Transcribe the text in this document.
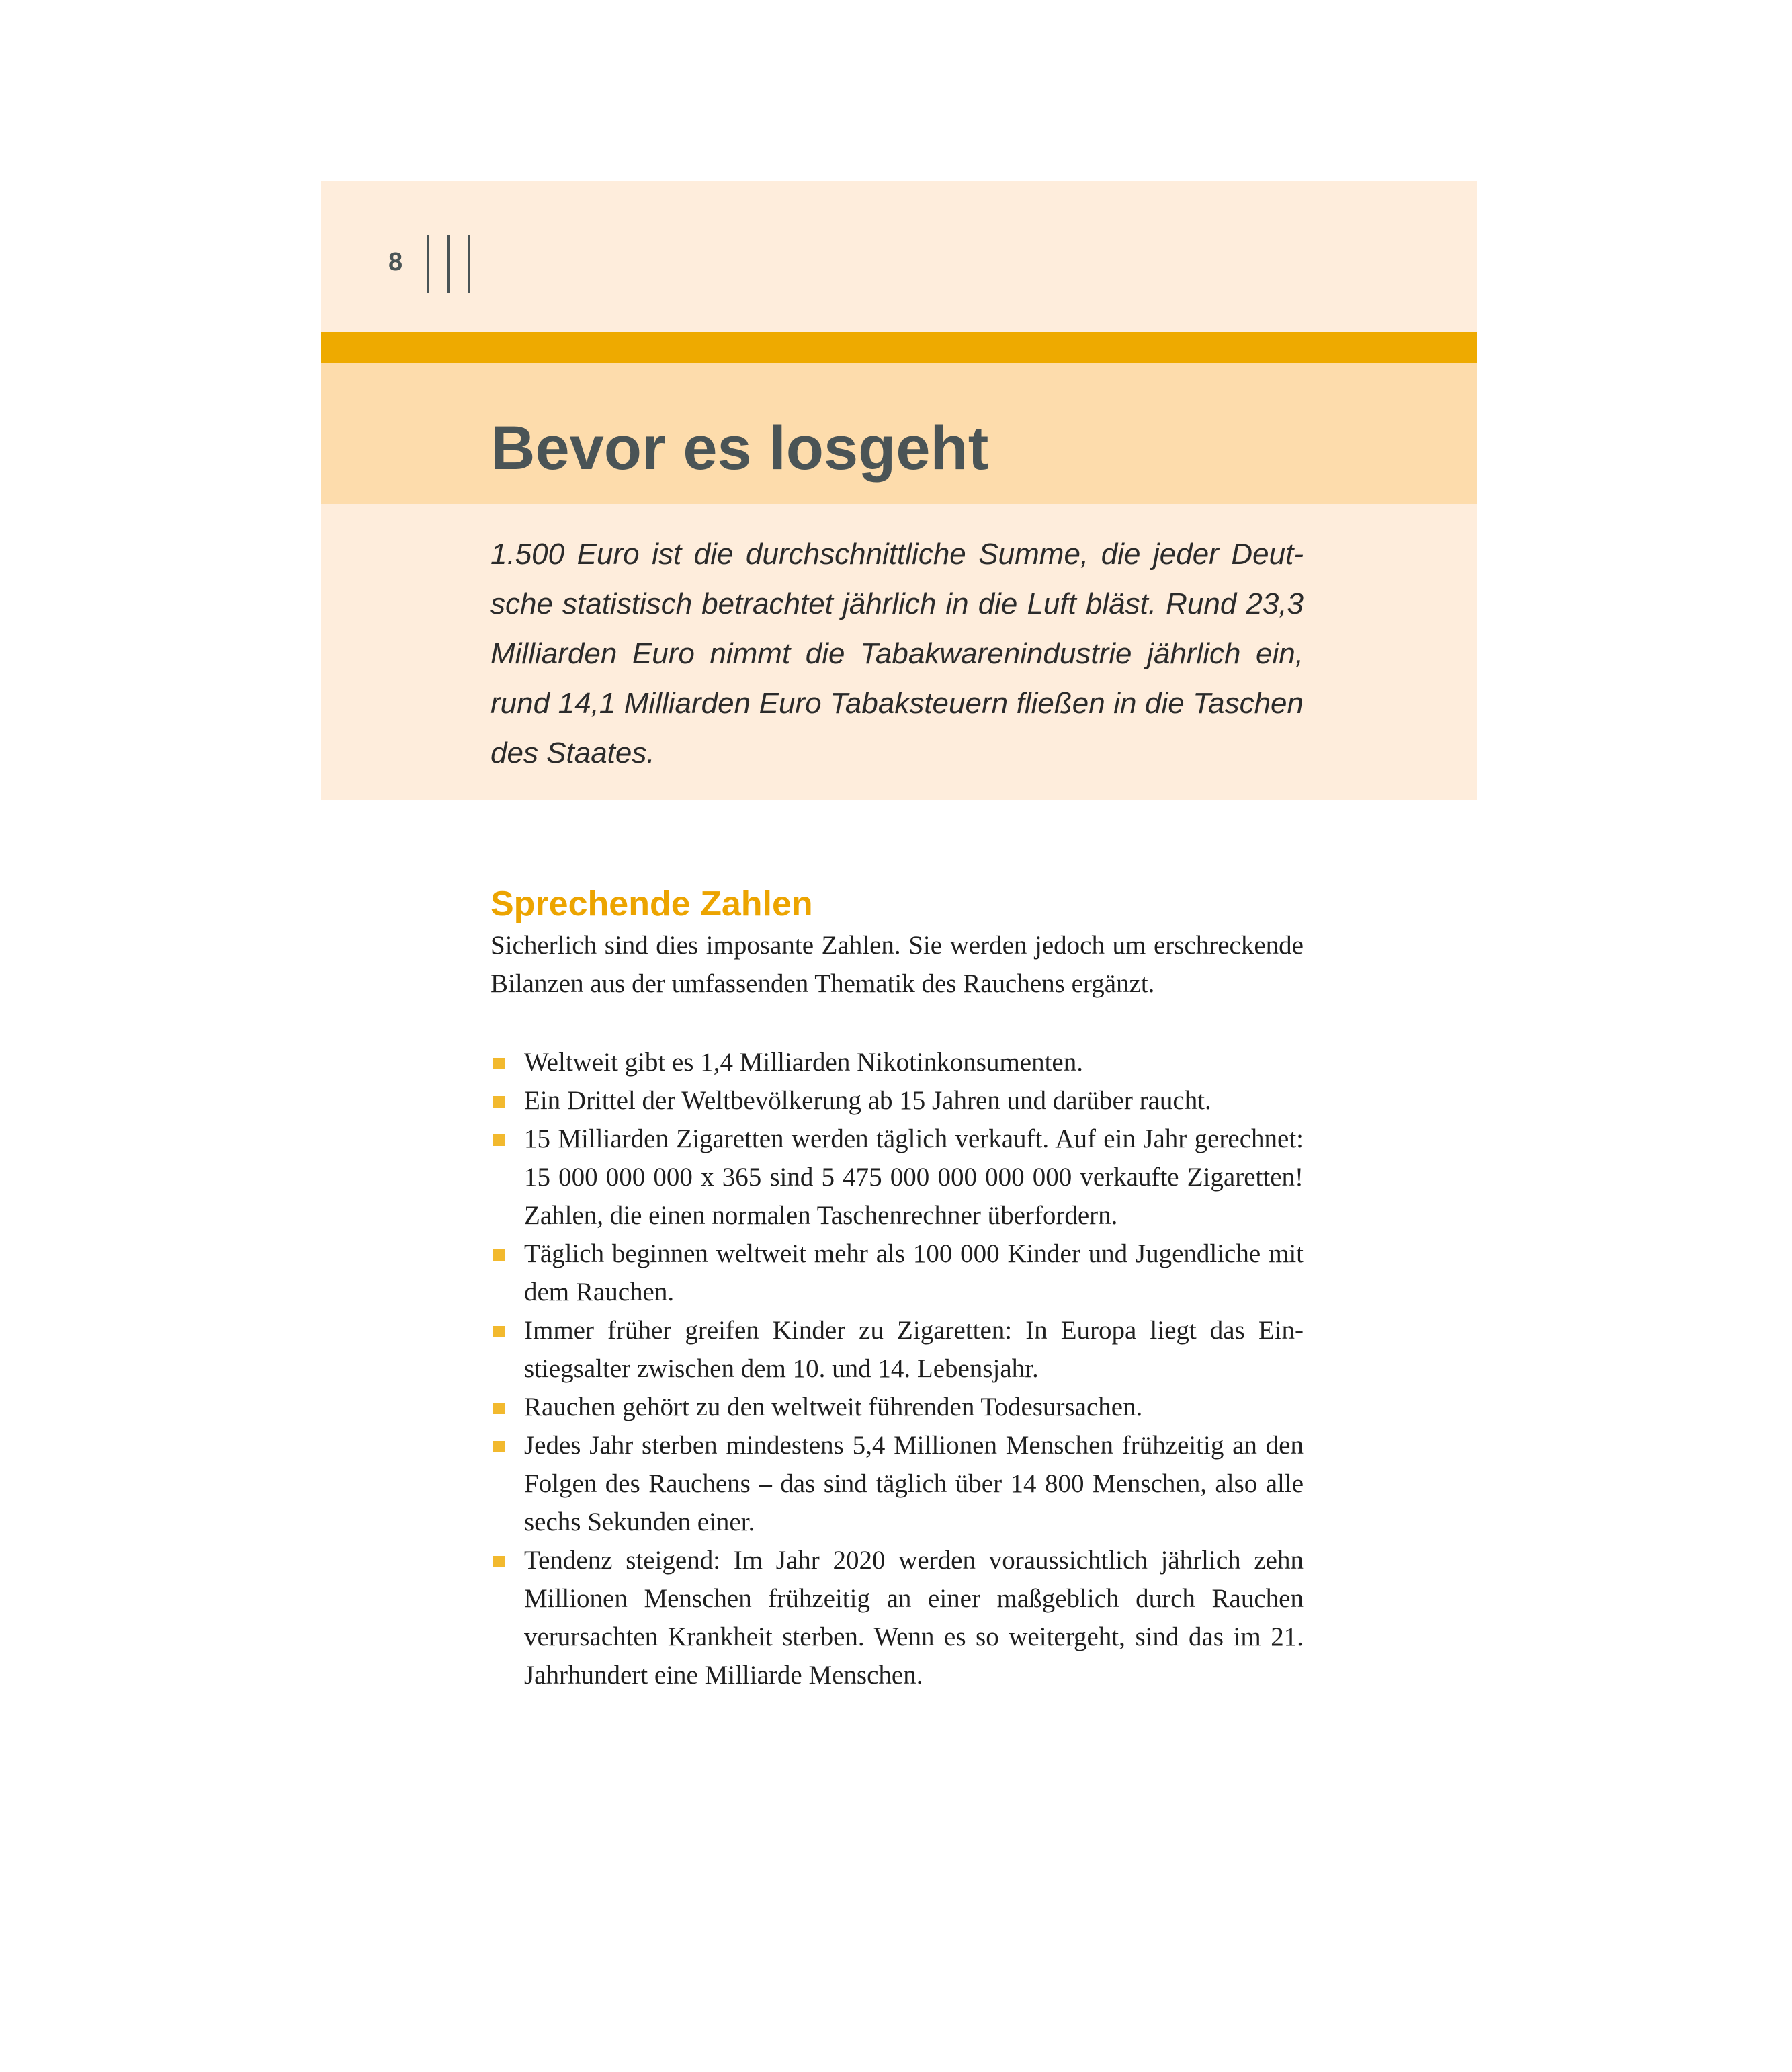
8
Bevor es losgeht

1.500 Euro ist die durchschnittliche Summe, die jeder Deutsche statistisch betrachtet jährlich in die Luft bläst. Rund 23,3 Milliarden Euro nimmt die Tabakwarenindustrie jährlich ein, rund 14,1 Milliarden Euro Tabaksteuern fließen in die Taschen des Staates.

Sprechende Zahlen

Sicherlich sind dies imposante Zahlen. Sie werden jedoch um erschreckende Bilanzen aus der umfassenden Thematik des Rauchens ergänzt.

Weltweit gibt es 1,4 Milliarden Nikotinkonsumenten.
Ein Drittel der Weltbevölkerung ab 15 Jahren und darüber raucht.
15 Milliarden Zigaretten werden täglich verkauft. Auf ein Jahr gerechnet: 15 000 000 000 x 365 sind 5 475 000 000 000 000 verkaufte Zigaretten! Zahlen, die einen normalen Taschenrechner überfordern.
Täglich beginnen weltweit mehr als 100 000 Kinder und Jugendliche mit dem Rauchen.
Immer früher greifen Kinder zu Zigaretten: In Europa liegt das Einstiegsalter zwischen dem 10. und 14. Lebensjahr.
Rauchen gehört zu den weltweit führenden Todesursachen.
Jedes Jahr sterben mindestens 5,4 Millionen Menschen frühzeitig an den Folgen des Rauchens – das sind täglich über 14 800 Menschen, also alle sechs Sekunden einer.
Tendenz steigend: Im Jahr 2020 werden voraussichtlich jährlich zehn Millionen Menschen frühzeitig an einer maßgeblich durch Rauchen verursachten Krankheit sterben. Wenn es so weitergeht, sind das im 21. Jahrhundert eine Milliarde Menschen.
